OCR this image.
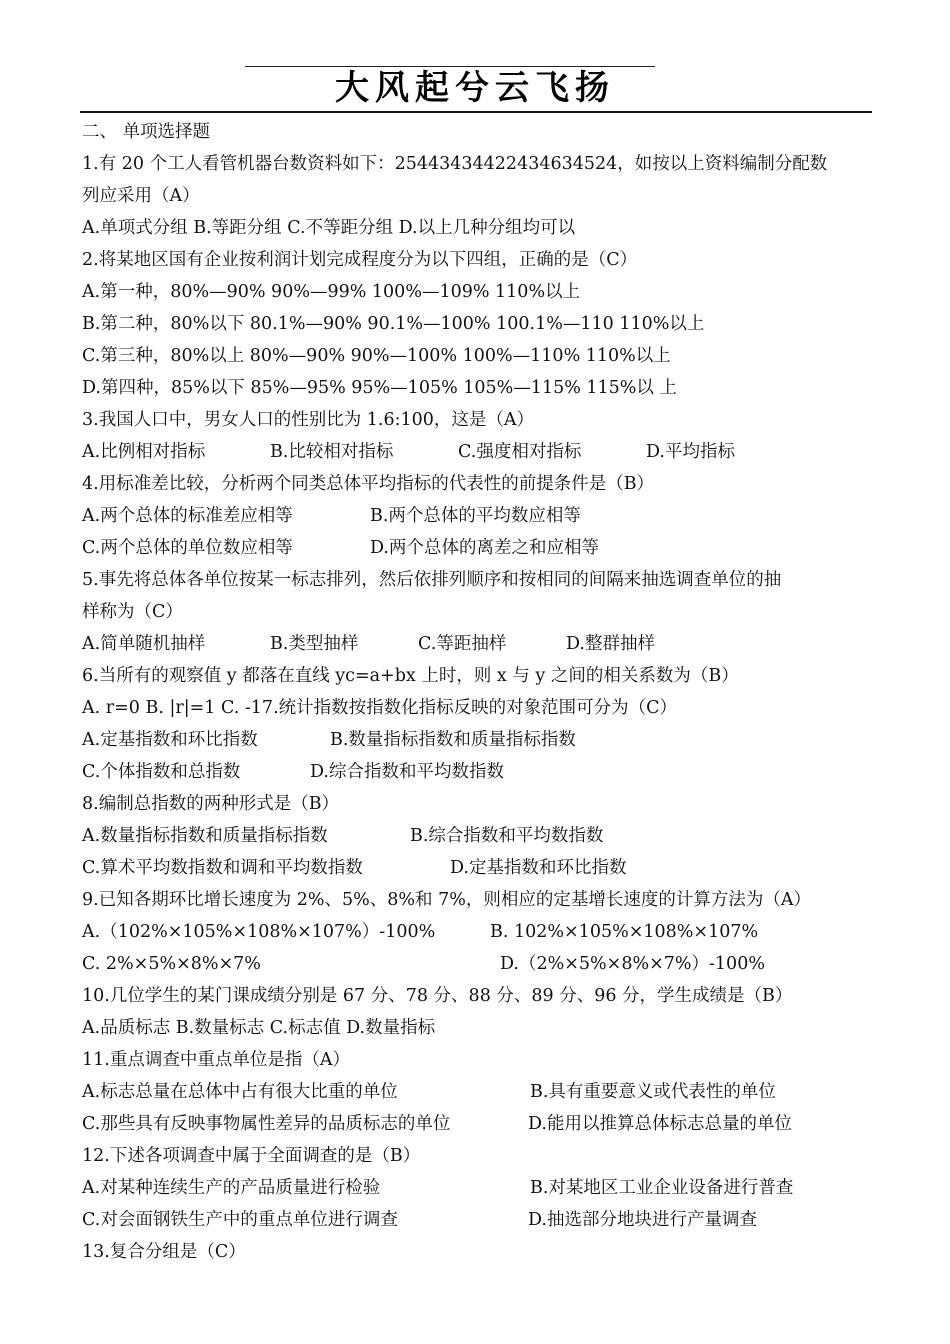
大风起兮云飞扬
二、 单项选择题
1.有 20 个工人看管机器台数资料如下：25443434422434634524，如按以上资料编制分配数
列应采用（A）
A.单项式分组 B.等距分组 C.不等距分组 D.以上几种分组均可以
2.将某地区国有企业按利润计划完成程度分为以下四组，正确的是（C）
A.第一种，80%—90% 90%—99% 100%—109% 110%以上
B.第二种，80%以下 80.1%—90% 90.1%—100% 100.1%—110 110%以上
C.第三种，80%以上 80%—90% 90%—100% 100%—110% 110%以上
D.第四种，85%以下 85%—95% 95%—105% 105%—115% 115%以 上
3.我国人口中，男女人口的性别比为 1.6:100，这是（A）
A.比例相对指标	B.比较相对指标	C.强度相对指标	D.平均指标
4.用标准差比较，分析两个同类总体平均指标的代表性的前提条件是（B）
A.两个总体的标准差应相等	B.两个总体的平均数应相等
C.两个总体的单位数应相等	D.两个总体的离差之和应相等
5.事先将总体各单位按某一标志排列，然后依排列顺序和按相同的间隔来抽选调查单位的抽
样称为（C）
A.简单随机抽样	B.类型抽样	C.等距抽样	D.整群抽样
6.当所有的观察值 y 都落在直线 yc=a+bx 上时，则 x 与 y 之间的相关系数为（B）
A. r=0 B. |r|=1 C. -17.统计指数按指数化指标反映的对象范围可分为（C）
A.定基指数和环比指数	B.数量指标指数和质量指标指数
C.个体指数和总指数	D.综合指数和平均数指数
8.编制总指数的两种形式是（B）
A.数量指标指数和质量指标指数	B.综合指数和平均数指数
C.算术平均数指数和调和平均数指数	D.定基指数和环比指数
9.已知各期环比增长速度为 2%、5%、8%和 7%，则相应的定基增长速度的计算方法为（A）
A.（102%×105%×108%×107%）-100%	B. 102%×105%×108%×107%
C. 2%×5%×8%×7%	D.（2%×5%×8%×7%）-100%
10.几位学生的某门课成绩分别是 67 分、78 分、88 分、89 分、96 分，学生成绩是（B）
A.品质标志 B.数量标志 C.标志值 D.数量指标
11.重点调查中重点单位是指（A）
A.标志总量在总体中占有很大比重的单位	B.具有重要意义或代表性的单位
C.那些具有反映事物属性差异的品质标志的单位	D.能用以推算总体标志总量的单位
12.下述各项调查中属于全面调查的是（B）
A.对某种连续生产的产品质量进行检验	B.对某地区工业企业设备进行普查
C.对会面钢铁生产中的重点单位进行调查	D.抽选部分地块进行产量调查
13.复合分组是（C）
